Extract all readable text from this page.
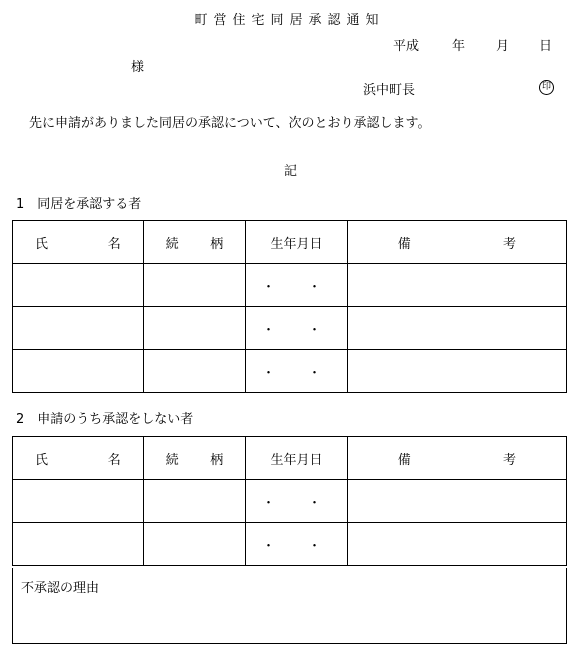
町営住宅同居承認通知
平成	年 月 日
様
浜中町長	印
先に申請がありました同居の承認について、次のとおり承認します。
記
1　同居を承認する者
氏 名	続 柄	生年月日	備 考

		・　・	
		・　・	
		・　・	
2　申請のうち承認をしない者
氏 名	続 柄	生年月日	備 考

		・　・	
		・　・	
不承認の理由
